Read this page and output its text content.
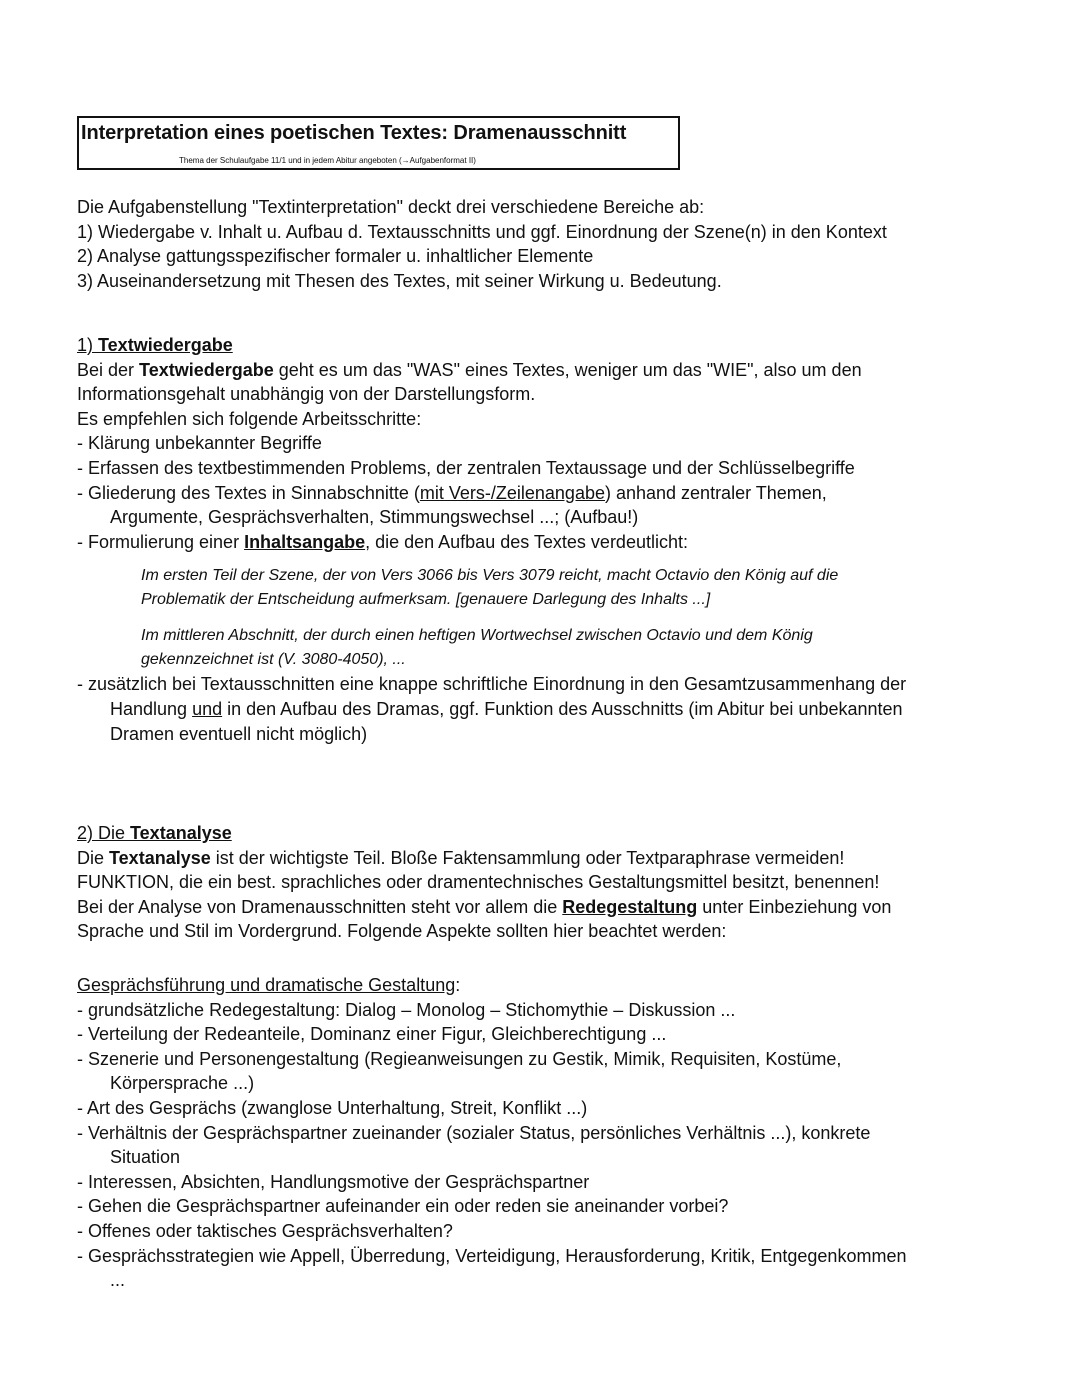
Interpretation eines poetischen Textes: Dramenausschnitt
Thema der Schulaufgabe 11/1 und in jedem Abitur angeboten (→Aufgabenformat II)
Die Aufgabenstellung "Textinterpretation" deckt drei verschiedene Bereiche ab:
1) Wiedergabe v. Inhalt u. Aufbau d. Textausschnitts und ggf. Einordnung der Szene(n) in den Kontext
2) Analyse gattungsspezifischer formaler u. inhaltlicher Elemente
3) Auseinandersetzung mit Thesen des Textes, mit seiner Wirkung u. Bedeutung.
1) Textwiedergabe
Bei der Textwiedergabe geht es um das "WAS" eines Textes, weniger um das "WIE", also um den
Informationsgehalt unabhängig von der Darstellungsform.
Es empfehlen sich folgende Arbeitsschritte:
- Klärung unbekannter Begriffe
- Erfassen des textbestimmenden Problems, der zentralen Textaussage und der Schlüsselbegriffe
- Gliederung des Textes in Sinnabschnitte (mit Vers-/Zeilenangabe) anhand zentraler Themen,
Argumente, Gesprächsverhalten, Stimmungswechsel ...; (Aufbau!)
- Formulierung einer Inhaltsangabe, die den Aufbau des Textes verdeutlicht:
Im ersten Teil der Szene, der von Vers 3066 bis Vers 3079 reicht, macht Octavio den König auf die
Problematik der Entscheidung aufmerksam. [genauere Darlegung des Inhalts ...]
Im mittleren Abschnitt, der durch einen heftigen Wortwechsel zwischen Octavio und dem König
gekennzeichnet ist (V. 3080-4050), ...
- zusätzlich bei Textausschnitten eine knappe schriftliche Einordnung in den Gesamtzusammenhang der
Handlung und in den Aufbau des Dramas, ggf. Funktion des Ausschnitts (im Abitur bei unbekannten
Dramen eventuell nicht möglich)
2) Die Textanalyse
Die Textanalyse ist der wichtigste Teil. Bloße Faktensammlung oder Textparaphrase vermeiden!
FUNKTION, die ein best. sprachliches oder dramentechnisches Gestaltungsmittel besitzt, benennen!
Bei der Analyse von Dramenausschnitten steht vor allem die Redegestaltung unter Einbeziehung von
Sprache und Stil im Vordergrund. Folgende Aspekte sollten hier beachtet werden:
Gesprächsführung und dramatische Gestaltung:
- grundsätzliche Redegestaltung: Dialog – Monolog – Stichomythie – Diskussion ...
- Verteilung der Redeanteile, Dominanz einer Figur, Gleichberechtigung ...
- Szenerie und Personengestaltung (Regieanweisungen zu Gestik, Mimik, Requisiten, Kostüme,
Körpersprache ...)
- Art des Gesprächs (zwanglose Unterhaltung, Streit, Konflikt ...)
- Verhältnis der Gesprächspartner zueinander (sozialer Status, persönliches Verhältnis ...), konkrete
Situation
- Interessen, Absichten, Handlungsmotive der Gesprächspartner
- Gehen die Gesprächspartner aufeinander ein oder reden sie aneinander vorbei?
- Offenes oder taktisches Gesprächsverhalten?
- Gesprächsstrategien wie Appell, Überredung, Verteidigung, Herausforderung, Kritik, Entgegenkommen
...
